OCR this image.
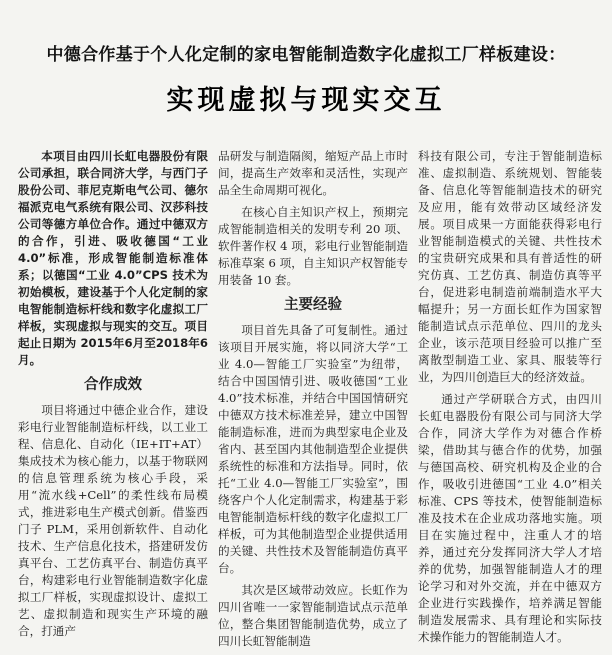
中德合作基于个人化定制的家电智能制造数字化虚拟工厂样板建设：
实现虚拟与现实交互

本项目由四川长虹电器股份有限公司承担，联合同济大学，与西门子股份公司、菲尼克斯电气公司、德尔福派克电气系统有限公司、汉莎科技公司等德方单位合作。通过中德双方的合作，引进、吸收德国“工业 4.0”标准，形成智能制造标准体系；以德国“工业 4.0”CPS 技术为初始模板，建设基于个人化定制的家电智能制造标杆线和数字化虚拟工厂样板，实现虚拟与现实的交互。项目起止日期为 2015年6月至2018年6月。

合作成效

项目将通过中德企业合作，建设彩电行业智能制造标杆线，以工业工程、信息化、自动化（IE+IT+AT）集成技术为核心能力，以基于物联网的信息管理系统为核心手段，采用“流水线+Cell”的柔性线布局模式，推进彩电生产模式创新。借鉴西门子 PLM，采用创新软件、自动化技术、生产信息化技术，搭建研发仿真平台、工艺仿真平台、制造仿真平台，构建彩电行业智能制造数字化虚拟工厂样板，实现虚拟设计、虚拟工艺、虚拟制造和现实生产环境的融合，打通产

品研发与制造隔阂，缩短产品上市时间，提高生产效率和灵活性，实现产品全生命周期可视化。

在核心自主知识产权上，预期完成智能制造相关的发明专利 20 项、软件著作权 4 项，彩电行业智能制造标准草案 6 项，自主知识产权智能专用装备 10 套。

主要经验

项目首先具备了可复制性。通过该项目开展实施，将以同济大学“工业 4.0—智能工厂实验室”为纽带，结合中国国情引进、吸收德国“工业 4.0”技术标准，并结合中国国情研究中德双方技术标准差异，建立中国智能制造标准，进而为典型家电企业及省内、甚至国内其他制造型企业提供系统性的标准和方法指导。同时，依托“工业 4.0—智能工厂实验室”，围绕客户个人化定制需求，构建基于彩电智能制造标杆线的数字化虚拟工厂样板，可为其他制造型企业提供适用的关键、共性技术及智能制造仿真平台。

其次是区域带动效应。长虹作为四川省唯一一家智能制造试点示范单位，整合集团智能制造优势，成立了四川长虹智能制造

科技有限公司，专注于智能制造标准、虚拟制造、系统规划、智能装备、信息化等智能制造技术的研究及应用，能有效带动区域经济发展。项目成果一方面能获得彩电行业智能制造模式的关键、共性技术的宝贵研究成果和具有普适性的研究仿真、工艺仿真、制造仿真等平台，促进彩电制造前端制造水平大幅提升；另一方面长虹作为国家智能制造试点示范单位、四川的龙头企业，该示范项目经验可以推广至离散型制造工业、家具、服装等行业，为四川创造巨大的经济效益。

通过产学研联合方式，由四川长虹电器股份有限公司与同济大学合作，同济大学作为对德合作桥梁，借助其与德合作的优势，加强与德国高校、研究机构及企业的合作，吸收引进德国“工业 4.0”相关标准、CPS 等技术，使智能制造标准及技术在企业成功落地实施。项目在实施过程中，注重人才的培养，通过充分发挥同济大学人才培养的优势，加强智能制造人才的理论学习和对外交流，并在中德双方企业进行实践操作，培养满足智能制造发展需求、具有理论和实际技术操作能力的智能制造人才。
